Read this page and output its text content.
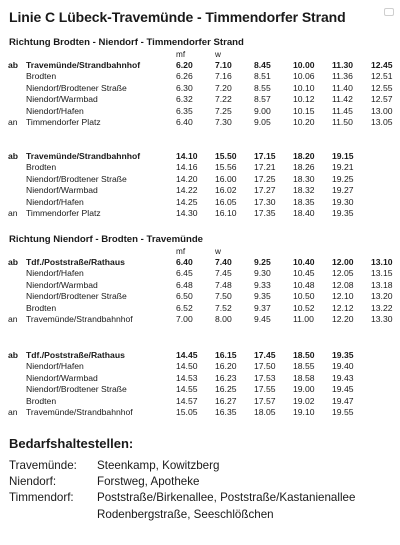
Linie C Lübeck-Travemünde - Timmendorfer Strand
Richtung Brodten - Niendorf - Timmendorfer Strand
		mf	w				
ab	Travemünde/Strandbahnhof	6.20	7.10	8.45	10.00	11.30	12.45
	Brodten	6.26	7.16	8.51	10.06	11.36	12.51
	Niendorf/Brodtener Straße	6.30	7.20	8.55	10.10	11.40	12.55
	Niendorf/Warmbad	6.32	7.22	8.57	10.12	11.42	12.57
	Niendorf/Hafen	6.35	7.25	9.00	10.15	11.45	13.00
an	Timmendorfer Platz	6.40	7.30	9.05	10.20	11.50	13.05
ab	Travemünde/Strandbahnhof	14.10	15.50	17.15	18.20	19.15	
	Brodten	14.16	15.56	17.21	18.26	19.21	
	Niendorf/Brodtener Straße	14.20	16.00	17.25	18.30	19.25	
	Niendorf/Warmbad	14.22	16.02	17.27	18.32	19.27	
	Niendorf/Hafen	14.25	16.05	17.30	18.35	19.30	
an	Timmendorfer Platz	14.30	16.10	17.35	18.40	19.35	
Richtung Niendorf - Brodten - Travemünde
		mf	w				
ab	Tdf./Poststraße/Rathaus	6.40	7.40	9.25	10.40	12.00	13.10
	Niendorf/Hafen	6.45	7.45	9.30	10.45	12.05	13.15
	Niendorf/Warmbad	6.48	7.48	9.33	10.48	12.08	13.18
	Niendorf/Brodtener Straße	6.50	7.50	9.35	10.50	12.10	13.20
	Brodten	6.52	7.52	9.37	10.52	12.12	13.22
an	Travemünde/Strandbahnhof	7.00	8.00	9.45	11.00	12.20	13.30
ab	Tdf./Poststraße/Rathaus	14.45	16.15	17.45	18.50	19.35	
	Niendorf/Hafen	14.50	16.20	17.50	18.55	19.40	
	Niendorf/Warmbad	14.53	16.23	17.53	18.58	19.43	
	Niendorf/Brodtener Straße	14.55	16.25	17.55	19.00	19.45	
	Brodten	14.57	16.27	17.57	19.02	19.47	
an	Travemünde/Strandbahnhof	15.05	16.35	18.05	19.10	19.55	
Bedarfshaltestellen:
Travemünde:	Steenkamp, Kowitzberg
Niendorf:	Forstweg, Apotheke
Timmendorf:	Poststraße/Birkenallee, Poststraße/Kastanienallee
Rodenbergstraße, Seeschlößchen
